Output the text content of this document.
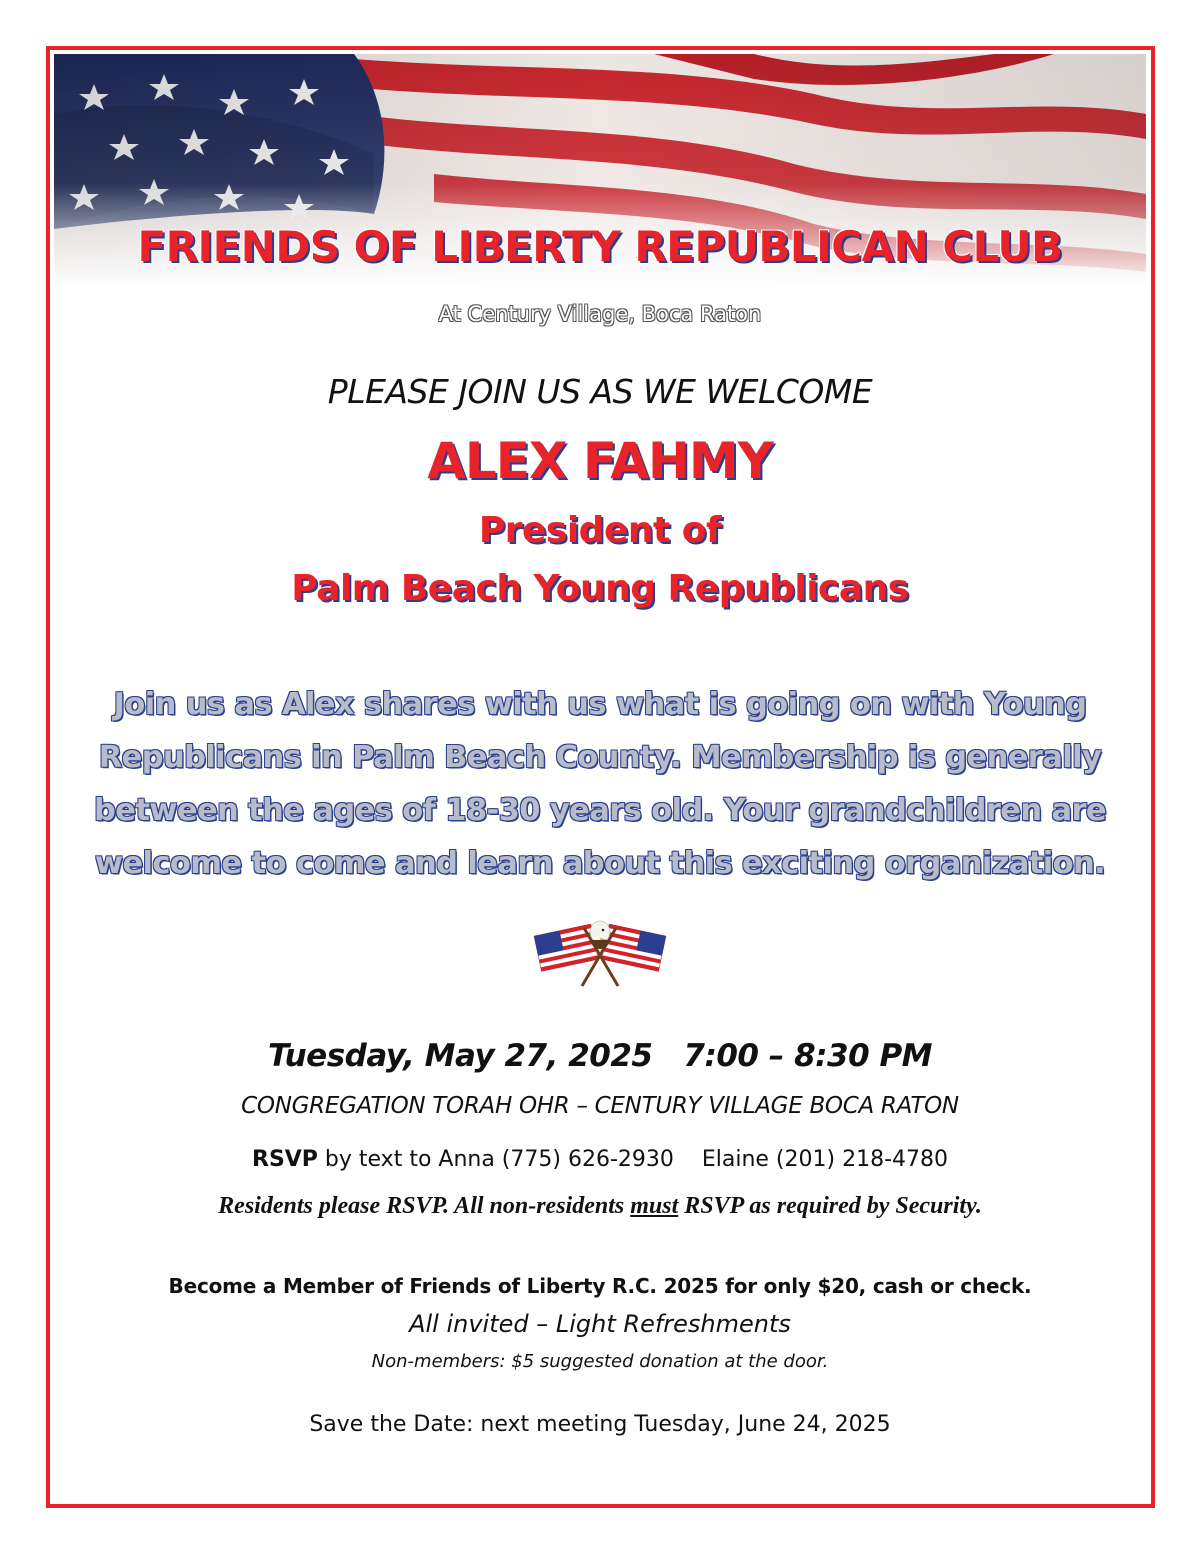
FRIENDS OF LIBERTY REPUBLICAN CLUB
At Century Village, Boca Raton
PLEASE JOIN US AS WE WELCOME
ALEX FAHMY
President of
Palm Beach Young Republicans
Join us as Alex shares with us what is going on with Young Republicans in Palm Beach County. Membership is generally between the ages of 18-30 years old. Your grandchildren are welcome to come and learn about this exciting organization.
Tuesday, May 27, 2025 7:00 – 8:30 PM
CONGREGATION TORAH OHR – CENTURY VILLAGE BOCA RATON
RSVP by text to Anna (775) 626-2930    Elaine (201) 218-4780
Residents please RSVP. All non-residents must RSVP as required by Security.
Become a Member of Friends of Liberty R.C. 2025 for only $20, cash or check.
All invited – Light Refreshments
Non-members: $5 suggested donation at the door.
Save the Date: next meeting Tuesday, June 24, 2025
